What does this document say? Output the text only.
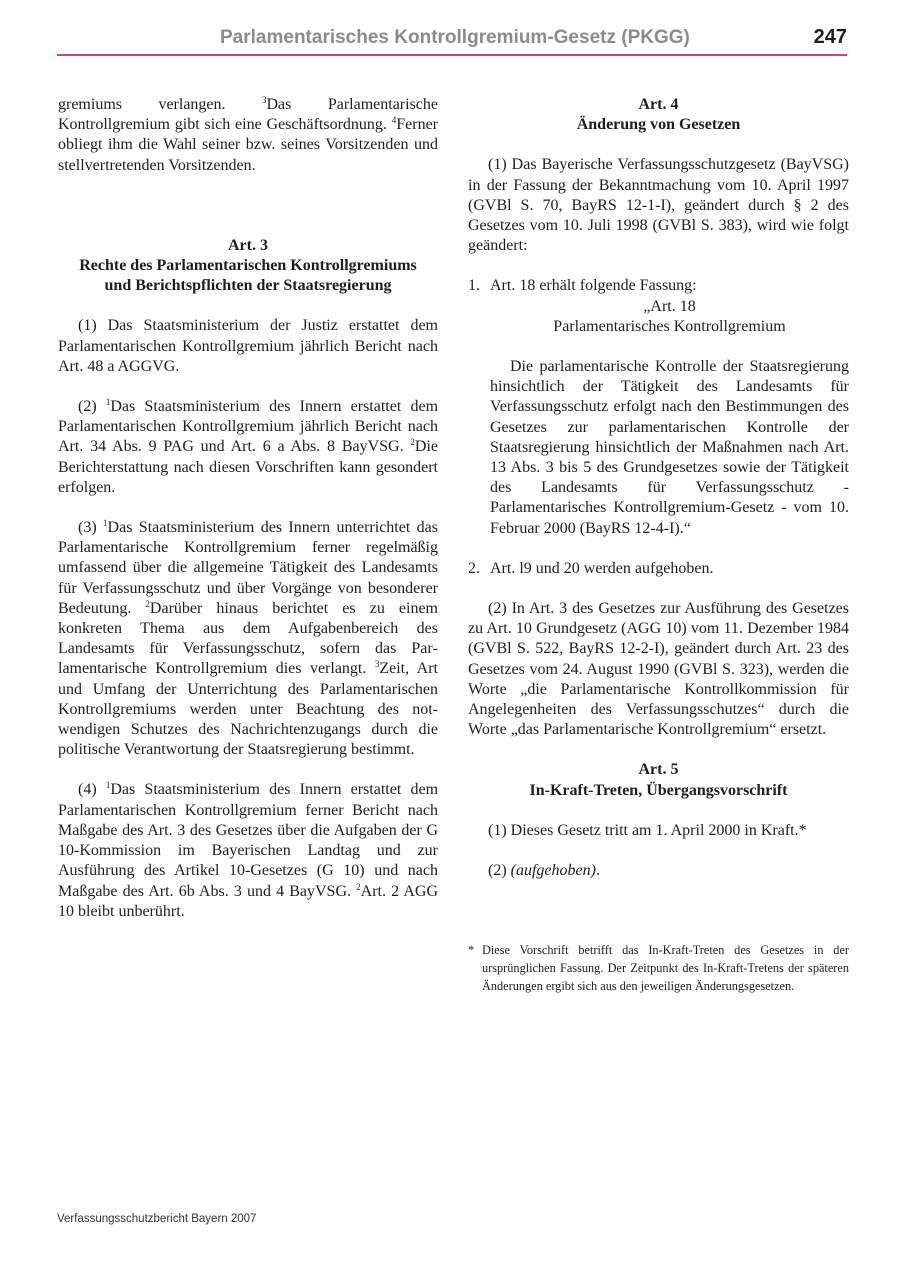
Parlamentarisches Kontrollgremium-Gesetz (PKGG)	247

gremiums verlangen. $^3$Das Parlamentarische Kontrollgremium gibt sich eine Geschäftsordnung. $^4$Ferner obliegt ihm die Wahl seiner bzw. seines Vorsitzenden und stellvertretenden Vorsitzenden.

Art. 3
Rechte des Parlamentarischen Kontrollgremiums
und Berichtspflichten der Staatsregierung

(1) Das Staatsministerium der Justiz erstattet dem Parlamentarischen Kontrollgremium jährlich Bericht nach Art. 48 a AGGVG.

(2) $^1$Das Staatsministerium des Innern erstattet dem Parlamentarischen Kontrollgremium jährlich Bericht nach Art. 34 Abs. 9 PAG und Art. 6 a Abs. 8 BayVSG. $^2$Die Berichterstattung nach diesen Vorschriften kann gesondert erfolgen.

(3) $^1$Das Staatsministerium des Innern unterrichtet das Parlamentarische Kontrollgremium ferner regelmäßig umfassend über die allgemeine Tätigkeit des Landesamts für Verfassungsschutz und über Vorgänge von besonderer Bedeutung. $^2$Darüber hinaus berichtet es zu einem konkreten Thema aus dem Aufgabenbereich des Landesamts für Verfassungsschutz, sofern das Parlamentarische Kontrollgremium dies verlangt. $^3$Zeit, Art und Umfang der Unterrichtung des Parlamentarischen Kontrollgremiums werden unter Beachtung des notwendigen Schutzes des Nachrichtenzugangs durch die politische Verantwortung der Staatsregierung bestimmt.

(4) $^1$Das Staatsministerium des Innern erstattet dem Parlamentarischen Kontrollgremium ferner Bericht nach Maßgabe des Art. 3 des Gesetzes über die Aufgaben der G 10-Kommission im Bayerischen Landtag und zur Ausführung des Artikel 10-Gesetzes (G 10) und nach Maßgabe des Art. 6b Abs. 3 und 4 BayVSG. $^2$Art. 2 AGG 10 bleibt unberührt.

Art. 4
Änderung von Gesetzen

(1) Das Bayerische Verfassungsschutzgesetz (BayVSG) in der Fassung der Bekanntmachung vom 10. April 1997 (GVBl S. 70, BayRS 12-1-I), geändert durch § 2 des Gesetzes vom 10. Juli 1998 (GVBl S. 383), wird wie folgt geändert:

1. Art. 18 erhält folgende Fassung:
„Art. 18
Parlamentarisches Kontrollgremium

Die parlamentarische Kontrolle der Staatsregierung hinsichtlich der Tätigkeit des Landesamts für Verfassungsschutz erfolgt nach den Bestimmungen des Gesetzes zur parlamentarischen Kontrolle der Staatsregierung hinsichtlich der Maßnahmen nach Art. 13 Abs. 3 bis 5 des Grundgesetzes sowie der Tätigkeit des Landesamts für Verfassungsschutz - Parlamentarisches Kontrollgremium-Gesetz - vom 10. Februar 2000 (BayRS 12-4-I).“

2. Art. l9 und 20 werden aufgehoben.

(2) In Art. 3 des Gesetzes zur Ausführung des Gesetzes zu Art. 10 Grundgesetz (AGG 10) vom 11. Dezember 1984 (GVBl S. 522, BayRS 12-2-I), geändert durch Art. 23 des Gesetzes vom 24. August 1990 (GVBl S. 323), werden die Worte „die Parlamentarische Kontrollkommission für Angelegenheiten des Verfassungsschutzes“ durch die Worte „das Parlamentarische Kontrollgremium“ ersetzt.

Art. 5
In-Kraft-Treten, Übergangsvorschrift

(1) Dieses Gesetz tritt am 1. April 2000 in Kraft.*

(2) (aufgehoben).

* Diese Vorschrift betrifft das In-Kraft-Treten des Gesetzes in der ursprünglichen Fassung. Der Zeitpunkt des In-Kraft-Tretens der späteren Änderungen ergibt sich aus den jeweiligen Änderungsgesetzen.
Verfassungsschutzbericht Bayern 2007
